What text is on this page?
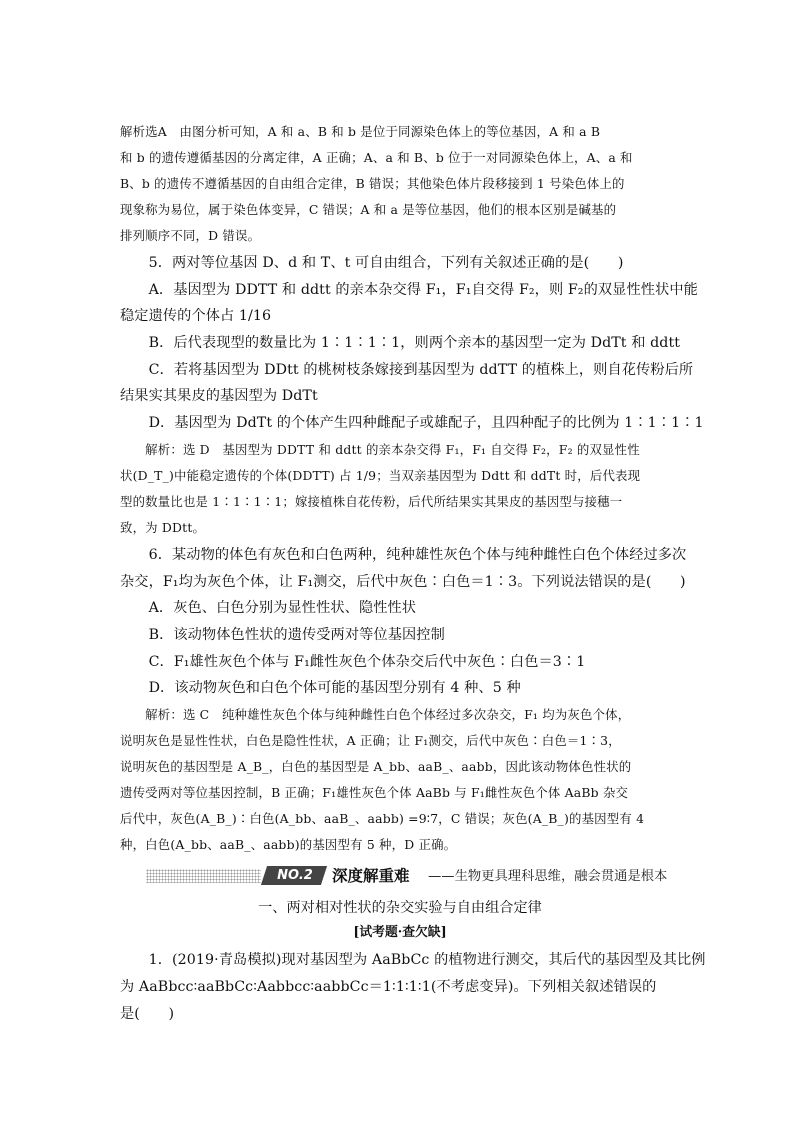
解析选A　由图分析可知，A 和 a、B 和 b 是位于同源染色体上的等位基因，A 和 a B
和 b 的遗传遵循基因的分离定律，A 正确；A、a 和 B、b 位于一对同源染色体上，A、a 和
B、b 的遗传不遵循基因的自由组合定律，B 错误；其他染色体片段移接到 1 号染色体上的
现象称为易位，属于染色体变异，C 错误；A 和 a 是等位基因，他们的根本区别是碱基的
排列顺序不同，D 错误。
　　5．两对等位基因 D、d 和 T、t 可自由组合，下列有关叙述正确的是(　　)
　　A．基因型为 DDTT 和 ddtt 的亲本杂交得 F₁，F₁自交得 F₂，则 F₂的双显性性状中能
稳定遗传的个体占 1/16
　　B．后代表现型的数量比为 1∶1∶1∶1，则两个亲本的基因型一定为 DdTt 和 ddtt
　　C．若将基因型为 DDtt 的桃树枝条嫁接到基因型为 ddTT 的植株上，则自花传粉后所
结果实其果皮的基因型为 DdTt
　　D．基因型为 DdTt 的个体产生四种雌配子或雄配子，且四种配子的比例为 1∶1∶1∶1
　　解析：选 D　基因型为 DDTT 和 ddtt 的亲本杂交得 F₁，F₁ 自交得 F₂，F₂ 的双显性性
状(D_T_)中能稳定遗传的个体(DDTT) 占 1/9；当双亲基因型为 Ddtt 和 ddTt 时，后代表现
型的数量比也是 1∶1∶1∶1；嫁接植株自花传粉，后代所结果实其果皮的基因型与接穗一
致，为 DDtt。
　　6．某动物的体色有灰色和白色两种，纯种雄性灰色个体与纯种雌性白色个体经过多次
杂交，F₁均为灰色个体，让 F₁测交，后代中灰色∶白色＝1∶3。下列说法错误的是(　　)
　　A．灰色、白色分别为显性性状、隐性性状
　　B．该动物体色性状的遗传受两对等位基因控制
　　C．F₁雄性灰色个体与 F₁雌性灰色个体杂交后代中灰色∶白色＝3∶1
　　D．该动物灰色和白色个体可能的基因型分别有 4 种、5 种
　　解析：选 C　纯种雄性灰色个体与纯种雌性白色个体经过多次杂交，F₁ 均为灰色个体，
说明灰色是显性性状，白色是隐性性状，A 正确；让 F₁测交，后代中灰色∶白色＝1∶3，
说明灰色的基因型是 A_B_，白色的基因型是 A_bb、aaB_、aabb，因此该动物体色性状的
遗传受两对等位基因控制，B 正确；F₁雄性灰色个体 AaBb 与 F₁雌性灰色个体 AaBb 杂交
后代中，灰色(A_B_)∶白色(A_bb、aaB_、aabb) =9∶7，C 错误；灰色(A_B_)的基因型有 4
种，白色(A_bb、aaB_、aabb)的基因型有 5 种，D 正确。
NO.2	深度解重难 ——生物更具理科思维，融会贯通是根本
一、两对相对性状的杂交实验与自由组合定律
[试考题·查欠缺]
　　1．(2019·青岛模拟)现对基因型为 AaBbCc 的植物进行测交，其后代的基因型及其比例
为 AaBbcc∶aaBbCc∶Aabbcc∶aabbCc＝1∶1∶1∶1(不考虑变异)。下列相关叙述错误的
是(　　)
